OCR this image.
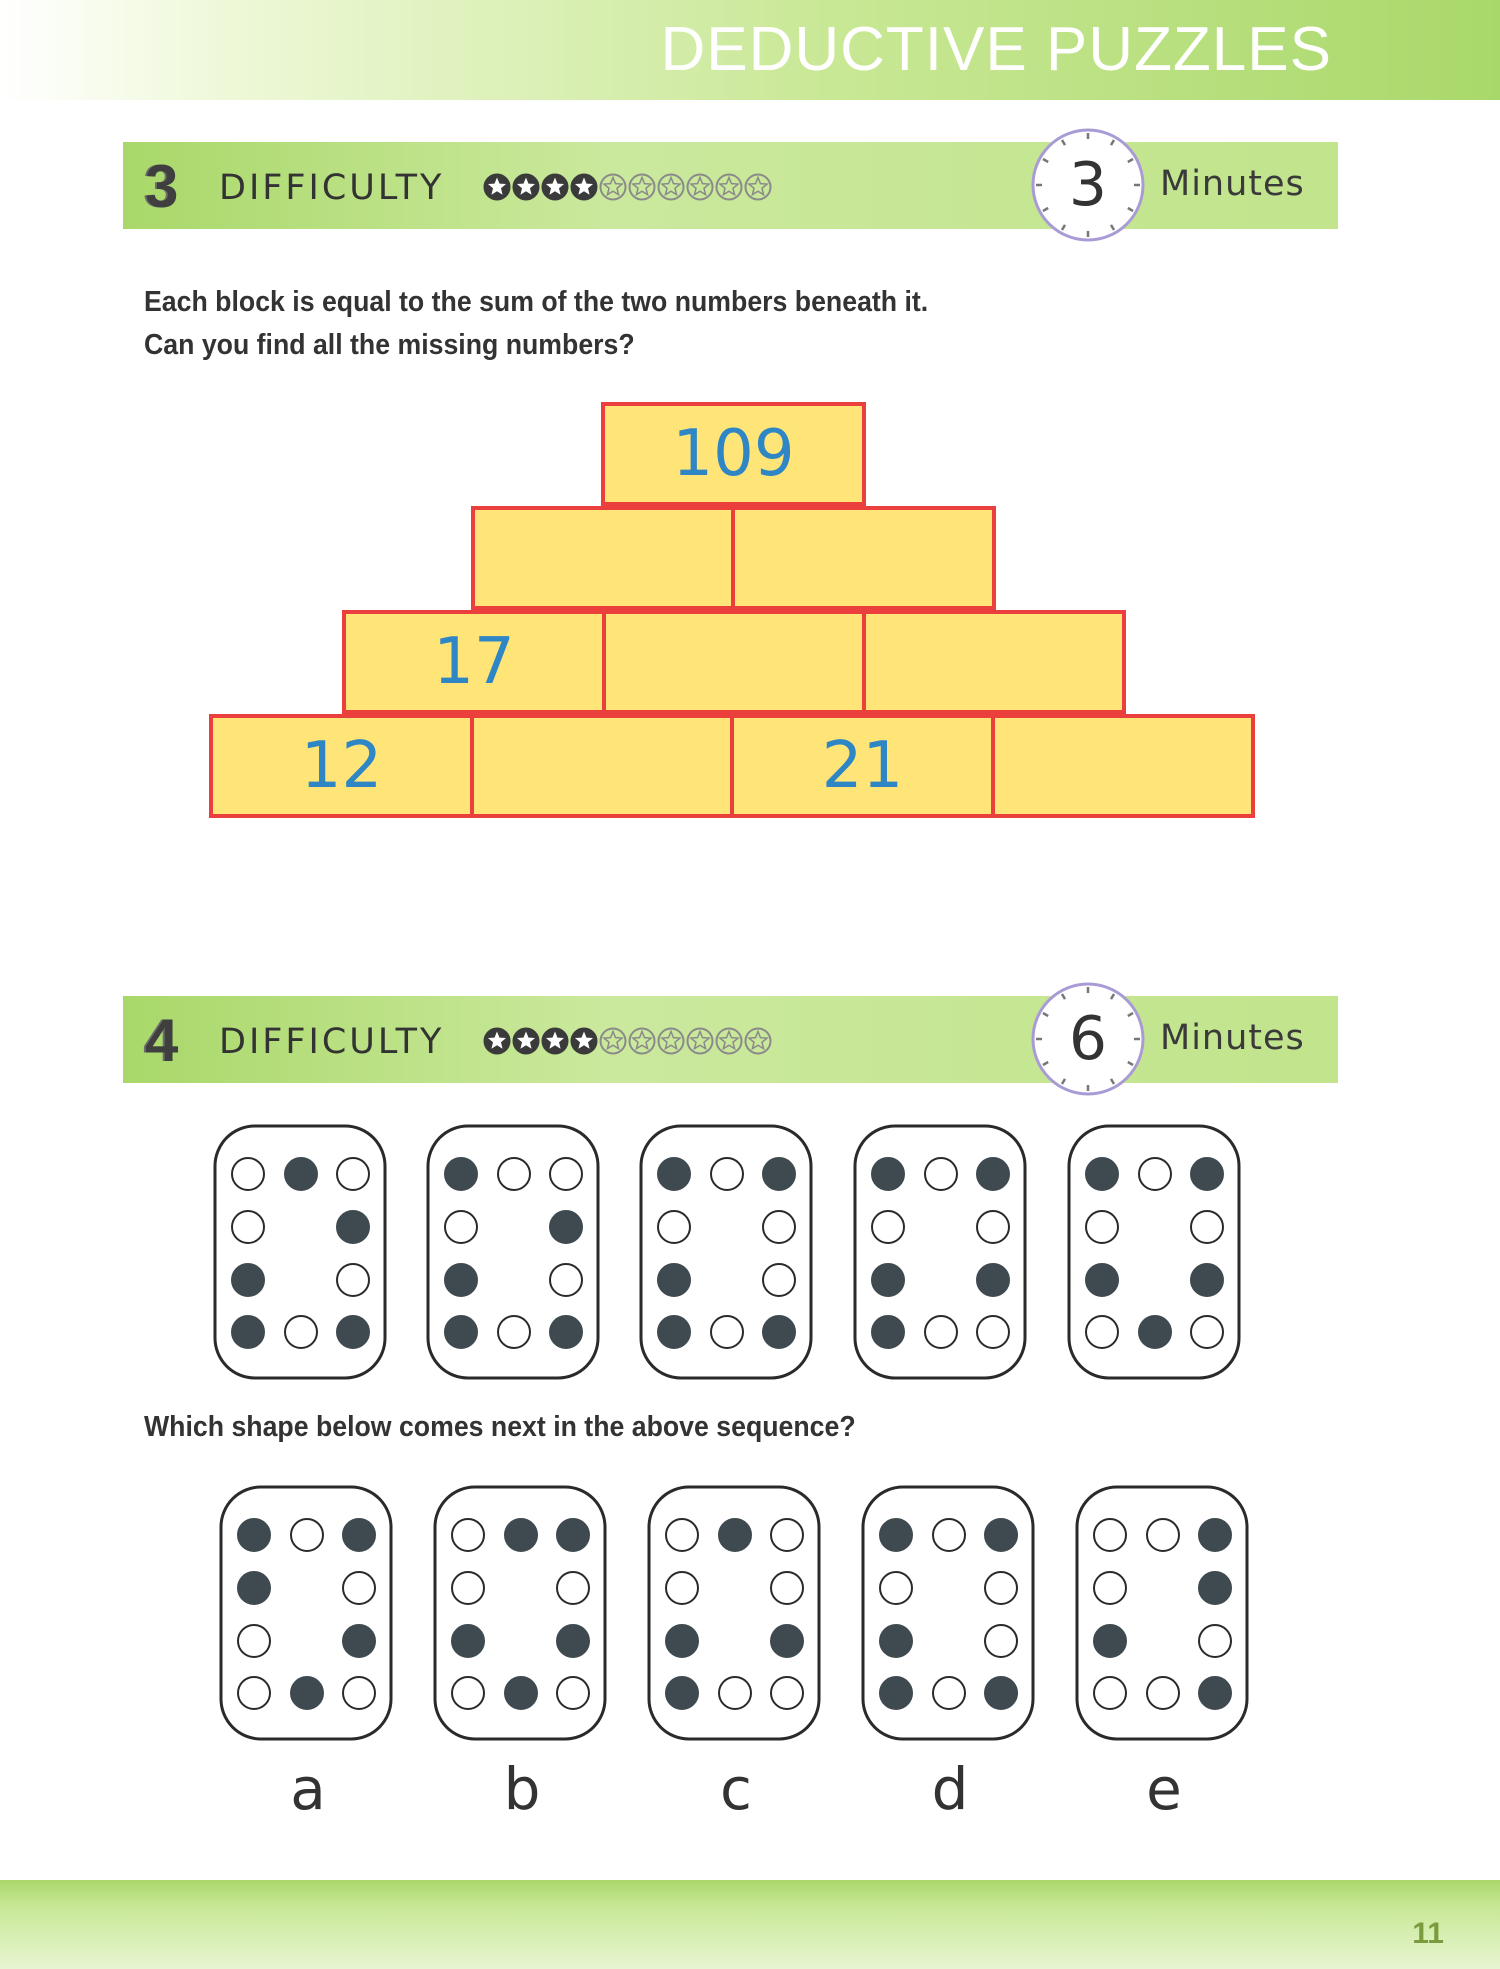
DEDUCTIVE PUZZLES
3 DIFFICULTY	Minutes
3
Each block is equal to the sum of the two numbers beneath it.
Can you find all the missing numbers?
109
17
12	21
4 DIFFICULTY	Minutes
6
Which shape below comes next in the above sequence?
a	b	c	d	e
11
